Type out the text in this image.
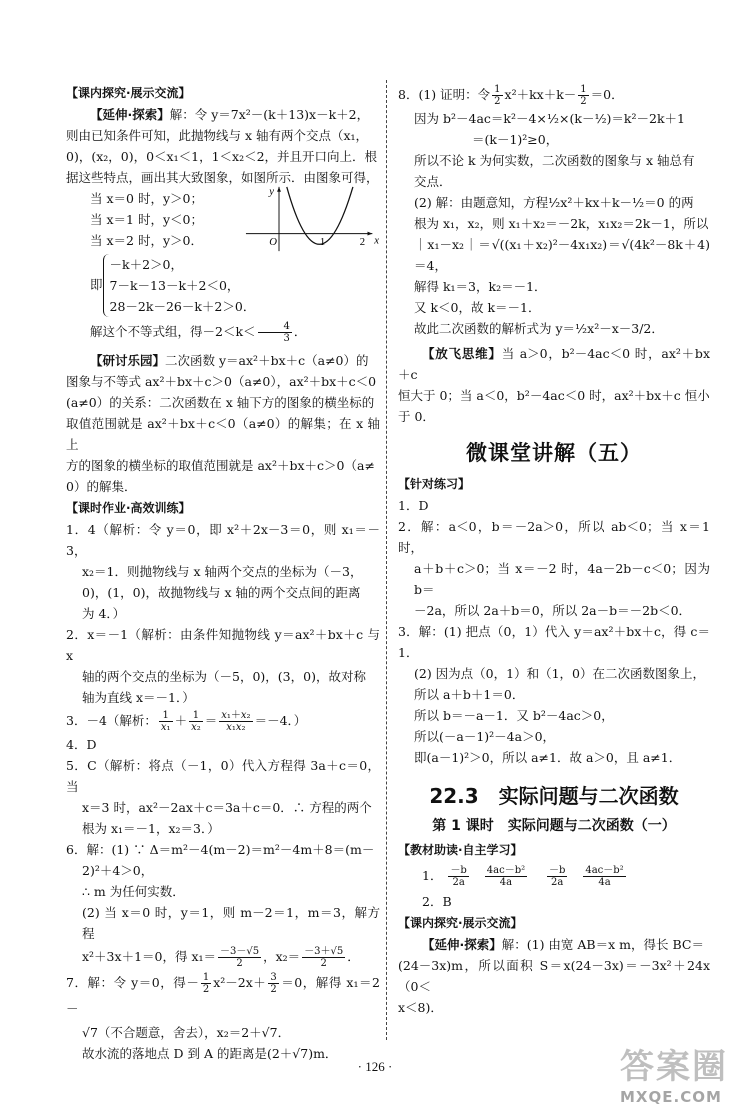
【课内探究·展示交流】

【延伸·探索】解：令 y＝7x²－(k＋13)x－k＋2，

则由已知条件可知，此抛物线与 x 轴有两个交点（x₁，

0)，(x₂，0)，0＜x₁＜1，1＜x₂＜2，并且开口向上．根

据这些特点，画出其大致图象，如图所示．由图象可得，

当 x＝0 时，y＞0；

当 x＝1 时，y＜0；

当 x＝2 时，y＞0．

y
x
O	1	2
即
－k＋2＞0，
7－k－13－k＋2＜0，
28－2k－26－k＋2＞0．

解这个不等式组，得$-2<k< \frac{4}{3}$ ．

【研讨乐园】二次函数 y＝ax²＋bx＋c（a≠0）的

图象与不等式 ax²＋bx＋c＞0（a≠0），ax²＋bx＋c＜0

(a≠0）的关系：二次函数在 x 轴下方的图象的横坐标的

取值范围就是 ax²＋bx＋c＜0（a≠0）的解集；在 x 轴上

方的图象的横坐标的取值范围就是 ax²＋bx＋c＞0（a≠

0）的解集．

【课时作业·高效训练】

1．4（解析：令 y＝0，即 x²＋2x－3＝0，则 x₁＝－3，

x₂＝1．则抛物线与 x 轴两个交点的坐标为（－3，

0)，(1，0)，故抛物线与 x 轴的两个交点间的距离

为 4．）

2．x＝－1（解析：由条件知抛物线 y＝ax²＋bx＋c 与 x

轴的两个交点的坐标为（－5，0)，(3，0)，故对称

轴为直线 x＝－1．）

3．－4（解析： $\frac{1}{\text{x₁}} + \frac{1}{\text{x₂}} = \frac{\text{x₁＋x₂}}{\text{x₁x₂}} =-4$．）

4．D

5．C（解析：将点（－1，0）代入方程得 3a＋c＝0，当

x＝3 时，ax²－2ax＋c＝3a＋c＝0．∴ 方程的两个

根为 x₁＝－1，x₂＝3．）

6．解：(1) ∵ Δ＝m²－4(m－2)＝m²－4m＋8＝(m－

2)²＋4＞0，

∴ m 为任何实数．

(2) 当 x＝0 时，y＝1，则 m－2＝1，m＝3，解方程

x²＋3x＋1＝0，得 $x_1= \frac{-3-√5}{2}$ ，$x_2= \frac{-3+√5}{2}$ ．

7．解：令 y＝0，得－ $\frac{1}{2} x^2-2x+ \frac{3}{2} =0$，解得 x₁＝2－

√7（不合题意，舍去），x₂＝2＋√7．

故水流的落地点 D 到 A 的距离是(2＋√7)m．

8．(1) 证明：令 $\frac{1}{2} x^2+kx+k- \frac{1}{2} =0$．

因为 b²－4ac＝k²－4×½×(k－½)＝k²－2k＋1

＝(k－1)²≥0，

所以不论 k 为何实数，二次函数的图象与 x 轴总有

交点．

(2) 解：由题意知，方程½x²＋kx＋k－½＝0 的两

根为 x₁，x₂，则 x₁＋x₂＝－2k，x₁x₂＝2k－1，所以

｜x₁－x₂｜＝√((x₁＋x₂)²－4x₁x₂)＝√(4k²－8k＋4)＝4，

解得 k₁＝3，k₂＝－1．

又 k＜0，故 k＝－1．

故此二次函数的解析式为 y＝½x²－x－3/2．

【放飞思维】当 a＞0，b²－4ac＜0 时，ax²＋bx＋c

恒大于 0；当 a＜0，b²－4ac＜0 时，ax²＋bx＋c 恒小

于 0．

微课堂讲解（五）

【针对练习】

1．D

2．解：a＜0，b＝－2a＞0，所以 ab＜0；当 x＝1 时，

a＋b＋c＞0；当 x＝－2 时，4a－2b－c＜0；因为 b＝

－2a，所以 2a＋b＝0，所以 2a－b＝－2b＜0．

3．解：(1) 把点（0，1）代入 y＝ax²＋bx＋c，得 c＝1．

(2) 因为点（0，1）和（1，0）在二次函数图象上，

所以 a＋b＋1＝0．

所以 b＝－a－1．又 b²－4ac＞0，

所以(－a－1)²－4a＞0，

即(a－1)²＞0，所以 a≠1．故 a＞0，且 a≠1．

22.3　实际问题与二次函数
第 1 课时　实际问题与二次函数（一）

【教材助读·自主学习】

1． $\frac{-b}{2a}$
$\frac{\text{4ac－b²}}{4a}$
$\frac{-b}{2a}$
$\frac{\text{4ac－b²}}{4a}$

2．B

【课内探究·展示交流】

【延伸·探索】解：(1) 由宽 AB＝x m，得长 BC＝

(24－3x)m，所以面积 S＝x(24－3x)＝－3x²＋24x（0＜

x＜8)．

· 126 ·	答案圈
MXQE.COM
